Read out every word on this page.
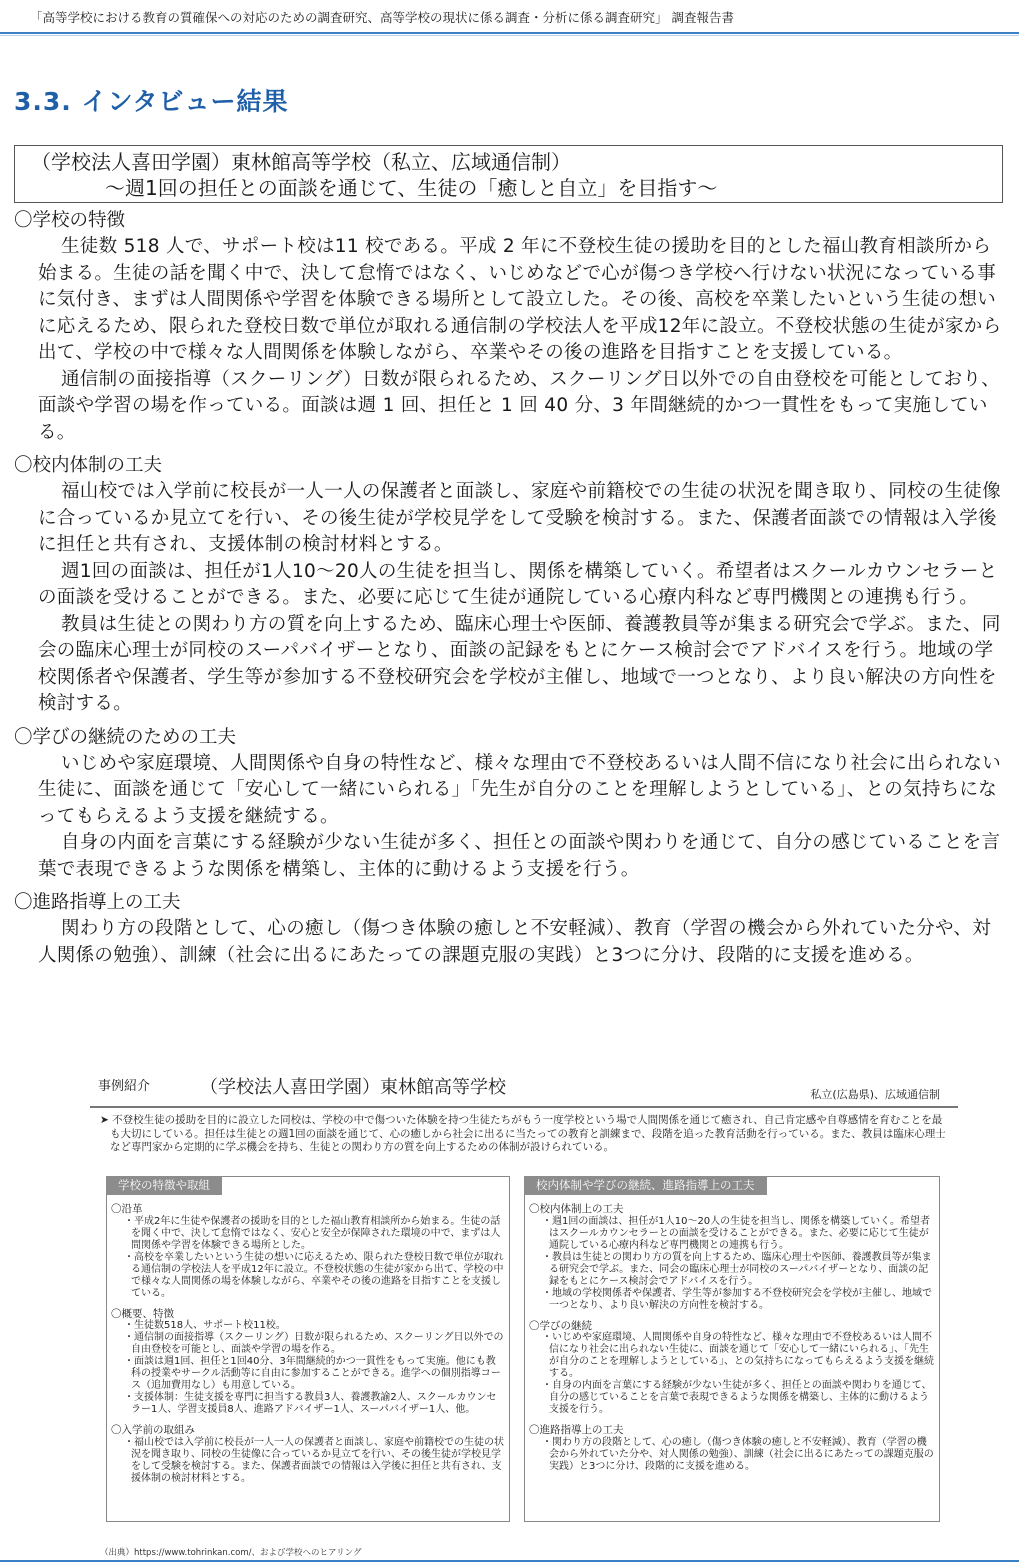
「高等学校における教育の質確保への対応のための調査研究、高等学校の現状に係る調査・分析に係る調査研究」 調査報告書
3.3. インタビュー結果
（学校法人喜田学園）東林館高等学校（私立、広域通信制）
～週1回の担任との面談を通じて、生徒の「癒しと自立」を目指す～
〇学校の特徴

生徒数 518 人で、サポート校は11 校である。平成 2 年に不登校生徒の援助を目的とした福山教育相談所から始まる。生徒の話を聞く中で、決して怠惰ではなく、いじめなどで心が傷つき学校へ行けない状況になっている事に気付き、まずは人間関係や学習を体験できる場所として設立した。その後、高校を卒業したいという生徒の想いに応えるため、限られた登校日数で単位が取れる通信制の学校法人を平成12年に設立。不登校状態の生徒が家から出て、学校の中で様々な人間関係を体験しながら、卒業やその後の進路を目指すことを支援している。

通信制の面接指導（スクーリング）日数が限られるため、スクーリング日以外での自由登校を可能としており、面談や学習の場を作っている。面談は週 1 回、担任と 1 回 40 分、3 年間継続的かつ一貫性をもって実施している。

〇校内体制の工夫

福山校では入学前に校長が一人一人の保護者と面談し、家庭や前籍校での生徒の状況を聞き取り、同校の生徒像に合っているか見立てを行い、その後生徒が学校見学をして受験を検討する。また、保護者面談での情報は入学後に担任と共有され、支援体制の検討材料とする。

週1回の面談は、担任が1人10～20人の生徒を担当し、関係を構築していく。希望者はスクールカウンセラーとの面談を受けることができる。また、必要に応じて生徒が通院している心療内科など専門機関との連携も行う。

教員は生徒との関わり方の質を向上するため、臨床心理士や医師、養護教員等が集まる研究会で学ぶ。また、同会の臨床心理士が同校のスーパバイザーとなり、面談の記録をもとにケース検討会でアドバイスを行う。地域の学校関係者や保護者、学生等が参加する不登校研究会を学校が主催し、地域で一つとなり、より良い解決の方向性を検討する。

〇学びの継続のための工夫

いじめや家庭環境、人間関係や自身の特性など、様々な理由で不登校あるいは人間不信になり社会に出られない生徒に、面談を通じて「安心して一緒にいられる」「先生が自分のことを理解しようとしている」、との気持ちになってもらえるよう支援を継続する。

自身の内面を言葉にする経験が少ない生徒が多く、担任との面談や関わりを通じて、自分の感じていることを言葉で表現できるような関係を構築し、主体的に動けるよう支援を行う。

〇進路指導上の工夫

関わり方の段階として、心の癒し（傷つき体験の癒しと不安軽減）、教育（学習の機会から外れていた分や、対人関係の勉強）、訓練（社会に出るにあたっての課題克服の実践）と3つに分け、段階的に支援を進める。

事例紹介	（学校法人喜田学園）東林館高等学校	私立(広島県)、広域通信制
➤ 不登校生徒の援助を目的に設立した同校は、学校の中で傷ついた体験を持つ生徒たちがもう一度学校という場で人間関係を通じて癒され、自己肯定感や自尊感情を育むことを最も大切にしている。担任は生徒との週1回の面談を通じて、心の癒しから社会に出るに当たっての教育と訓練まで、段階を追った教育活動を行っている。また、教員は臨床心理士など専門家から定期的に学ぶ機会を持ち、生徒との関わり方の質を向上するための体制が設けられている。
学校の特徴や取組
〇沿革
・平成2年に生徒や保護者の援助を目的とした福山教育相談所から始まる。生徒の話を聞く中で、決して怠惰ではなく、安心と安全が保障された環境の中で、まずは人間関係や学習を体験できる場所とした。
・高校を卒業したいという生徒の想いに応えるため、限られた登校日数で単位が取れる通信制の学校法人を平成12年に設立。不登校状態の生徒が家から出て、学校の中で様々な人間関係の場を体験しながら、卒業やその後の進路を目指すことを支援している。
〇概要、特徴
・生徒数518人、サポート校11校。
・通信制の面接指導（スクーリング）日数が限られるため、スクーリング日以外での自由登校を可能とし、面談や学習の場を作る。
・面談は週1回、担任と1回40分、3年間継続的かつ一貫性をもって実施。他にも教科の授業やサークル活動等に自由に参加することができる。進学への個別指導コース（追加費用なし）も用意している。
・支援体制：生徒支援を専門に担当する教員3人、養護教諭2人、スクールカウンセラー1人、学習支援員8人、進路アドバイザー1人、スーパバイザー1人、他。
〇入学前の取組み
・福山校では入学前に校長が一人一人の保護者と面談し、家庭や前籍校での生徒の状況を聞き取り、同校の生徒像に合っているか見立てを行い、その後生徒が学校見学をして受験を検討する。また、保護者面談での情報は入学後に担任と共有され、支援体制の検討材料とする。
校内体制や学びの継続、進路指導上の工夫
〇校内体制上の工夫
・週1回の面談は、担任が1人10～20人の生徒を担当し、関係を構築していく。希望者はスクールカウンセラーとの面談を受けることができる。また、必要に応じて生徒が通院している心療内科など専門機関との連携も行う。
・教員は生徒との関わり方の質を向上するため、臨床心理士や医師、養護教員等が集まる研究会で学ぶ。また、同会の臨床心理士が同校のスーパバイザーとなり、面談の記録をもとにケース検討会でアドバイスを行う。
・地域の学校関係者や保護者、学生等が参加する不登校研究会を学校が主催し、地域で一つとなり、より良い解決の方向性を検討する。
〇学びの継続
・いじめや家庭環境、人間関係や自身の特性など、様々な理由で不登校あるいは人間不信になり社会に出られない生徒に、面談を通じて「安心して一緒にいられる」、「先生が自分のことを理解しようとしている」、との気持ちになってもらえるよう支援を継続する。
・自身の内面を言葉にする経験が少ない生徒が多く、担任との面談や関わりを通じて、自分の感じていることを言葉で表現できるような関係を構築し、主体的に動けるよう支援を行う。
〇進路指導上の工夫
・関わり方の段階として、心の癒し（傷つき体験の癒しと不安軽減）、教育（学習の機会から外れていた分や、対人関係の勉強）、訓練（社会に出るにあたっての課題克服の実践）と3つに分け、段階的に支援を進める。
（出典）https://www.tohrinkan.com/、および学校へのヒアリング
